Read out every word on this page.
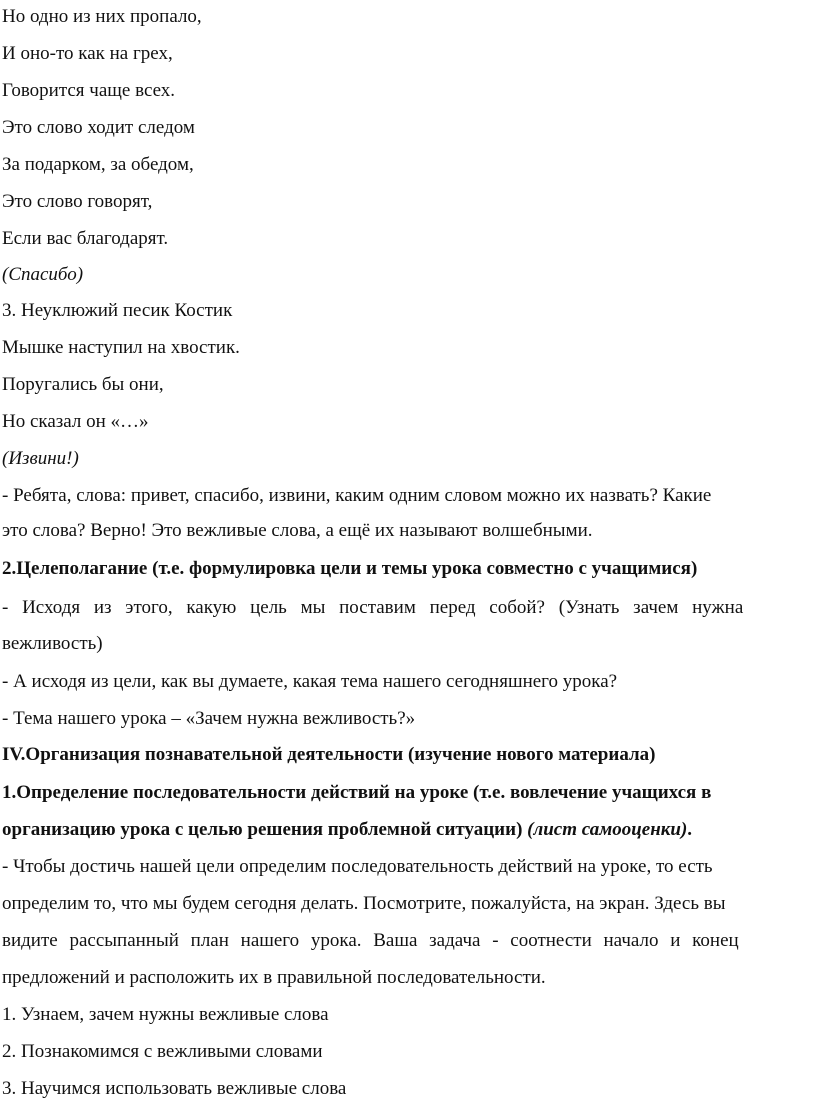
Но одно из них пропало,
И оно-то как на грех,
Говорится чаще всех.
Это слово ходит следом
За подарком, за обедом,
Это слово говорят,
Если вас благодарят.
(Спасибо)
3. Неуклюжий песик Костик
Мышке наступил на хвостик.
Поругались бы они,
Но сказал он «…»
(Извини!)
- Ребята, слова: привет, спасибо, извини, каким одним словом можно их назвать? Какие
это слова? Верно! Это вежливые слова, а ещё их называют волшебными.
2.Целеполагание (т.е. формулировка цели и темы урока совместно с учащимися)
- Исходя из этого, какую цель мы поставим перед собой? (Узнать зачем нужна
вежливость)
- А исходя из цели, как вы думаете, какая тема нашего сегодняшнего урока?
- Тема нашего урока – «Зачем нужна вежливость?»
IV.Организация познавательной деятельности (изучение нового материала)
1.Определение последовательности действий на уроке (т.е. вовлечение учащихся в
организацию урока с целью решения проблемной ситуации) (лист самооценки).
- Чтобы достичь нашей цели определим последовательность действий на уроке, то есть
определим то, что мы будем сегодня делать. Посмотрите, пожалуйста, на экран. Здесь вы
видите рассыпанный план нашего урока. Ваша задача - соотнести начало и конец
предложений и расположить их в правильной последовательности.
1. Узнаем, зачем нужны вежливые слова
2. Познакомимся с вежливыми словами
3. Научимся использовать вежливые слова
